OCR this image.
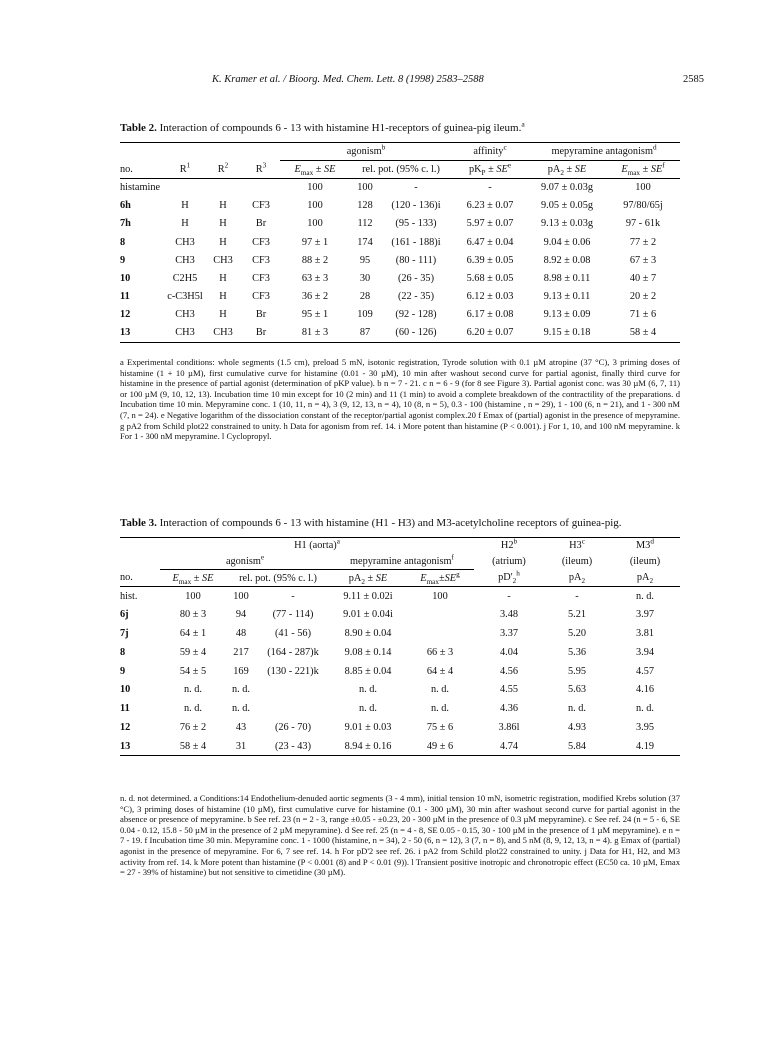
K. Kramer et al. / Bioorg. Med. Chem. Lett. 8 (1998) 2583–2588	2585
Table 2. Interaction of compounds 6 - 13 with histamine H1-receptors of guinea-pig ileum.$^a$
				agonism$^b$			affinity$^c$	mepyramine antagonism$^d$
no.	$R^1$	$R^2$	$R^3$	$E_{max}$ ± SE	rel. pot. (95% c. l.)		$pK_P \pm SE^e$	$pA_2$ ± SE	$E_{max} \pm SE^f$
histamine				100	100	-	-	9.07 ± 0.03g	100
6h	H	H	CF3	100	128	(120 - 136)i	6.23 ± 0.07	9.05 ± 0.05g	97/80/65j
7h	H	H	Br	100	112	(95 - 133)	5.97 ± 0.07	9.13 ± 0.03g	97 - 61k
8	CH3	H	CF3	97 ± 1	174	(161 - 188)i	6.47 ± 0.04	9.04 ± 0.06	77 ± 2
9	CH3	CH3	CF3	88 ± 2	95	(80 - 111)	6.39 ± 0.05	8.92 ± 0.08	67 ± 3
10	C2H5	H	CF3	63 ± 3	30	(26 - 35)	5.68 ± 0.05	8.98 ± 0.11	40 ± 7
11	c-C3H5l	H	CF3	36 ± 2	28	(22 - 35)	6.12 ± 0.03	9.13 ± 0.11	20 ± 2
12	CH3	H	Br	95 ± 1	109	(92 - 128)	6.17 ± 0.08	9.13 ± 0.09	71 ± 6
13	CH3	CH3	Br	81 ± 3	87	(60 - 126)	6.20 ± 0.07	9.15 ± 0.18	58 ± 4
a Experimental conditions: whole segments (1.5 cm), preload 5 mN, isotonic registration, Tyrode solution with 0.1 µM atropine (37 °C), 3 priming doses of histamine (1 + 10 µM), first cumulative curve for histamine (0.01 - 30 µM), 10 min after washout second curve for partial agonist, finally third curve for histamine in the presence of partial agonist (determination of pKP value). b n = 7 - 21. c n = 6 - 9 (for 8 see Figure 3). Partial agonist conc. was 30 µM (6, 7, 11) or 100 µM (9, 10, 12, 13). Incubation time 10 min except for 10 (2 min) and 11 (1 min) to avoid a complete breakdown of the contractility of the preparations. d Incubation time 10 min. Mepyramine conc. 1 (10, 11, n = 4), 3 (9, 12, 13, n = 4), 10 (8, n = 5), 0.3 - 100 (histamine , n = 29), 1 - 100 (6, n = 21), and 1 - 300 nM (7, n = 24). e Negative logarithm of the dissociation constant of the receptor/partial agonist complex.20 f Emax of (partial) agonist in the presence of mepyramine. g pA2 from Schild plot22 constrained to unity. h Data for agonism from ref. 14. i More potent than histamine (P < 0.001). j For 1, 10, and 100 nM mepyramine. k For 1 - 300 nM mepyramine. l Cyclopropyl.
Table 3. Interaction of compounds 6 - 13 with histamine (H1 - H3) and M3-acetylcholine receptors of guinea-pig.
	H1 (aorta)$^a$					H2$^b$	H3$^c$	M3$^d$
	agonism$^e$			mepyramine antagonism$^f$		(atrium)	(ileum)	(ileum)
no.	$E_{max}$ ± SE	rel. pot. (95% c. l.)		$pA_2$ ± SE	$E_{max}\pm SE^g$	$pD'_2^h$	$pA_2$	$pA_2$
hist.	100	100	-	9.11 ± 0.02i	100	-	-	n. d.
6j	80 ± 3	94	(77 - 114)	9.01 ± 0.04i		3.48	5.21	3.97
7j	64 ± 1	48	(41 - 56)	8.90 ± 0.04		3.37	5.20	3.81
8	59 ± 4	217	(164 - 287)k	9.08 ± 0.14	66 ± 3	4.04	5.36	3.94
9	54 ± 5	169	(130 - 221)k	8.85 ± 0.04	64 ± 4	4.56	5.95	4.57
10	n. d.	n. d.		n. d.	n. d.	4.55	5.63	4.16
11	n. d.	n. d.		n. d.	n. d.	4.36	n. d.	n. d.
12	76 ± 2	43	(26 - 70)	9.01 ± 0.03	75 ± 6	3.86l	4.93	3.95
13	58 ± 4	31	(23 - 43)	8.94 ± 0.16	49 ± 6	4.74	5.84	4.19
n. d. not determined. a Conditions:14 Endothelium-denuded aortic segments (3 - 4 mm), initial tension 10 mN, isometric registration, modified Krebs solution (37 °C), 3 priming doses of histamine (10 µM), first cumulative curve for histamine (0.1 - 300 µM), 30 min after washout second curve for partial agonist in the absence or presence of mepyramine. b See ref. 23 (n = 2 - 3, range ±0.05 - ±0.23, 20 - 300 µM in the presence of 0.3 µM mepyramine). c See ref. 24 (n = 5 - 6, SE 0.04 - 0.12, 15.8 - 50 µM in the presence of 2 µM mepyramine). d See ref. 25 (n = 4 - 8, SE 0.05 - 0.15, 30 - 100 µM in the presence of 1 µM mepyramine). e n = 7 - 19. f Incubation time 30 min. Mepyramine conc. 1 - 1000 (histamine, n = 34), 2 - 50 (6, n = 12), 3 (7, n = 8), and 5 nM (8, 9, 12, 13, n = 4). g Emax of (partial) agonist in the presence of mepyramine. For 6, 7 see ref. 14. h For pD'2 see ref. 26. i pA2 from Schild plot22 constrained to unity. j Data for H1, H2, and M3 activity from ref. 14. k More potent than histamine (P < 0.001 (8) and P < 0.01 (9)). l Transient positive inotropic and chronotropic effect (EC50 ca. 10 µM, Emax = 27 - 39% of histamine) but not sensitive to cimetidine (30 µM).
